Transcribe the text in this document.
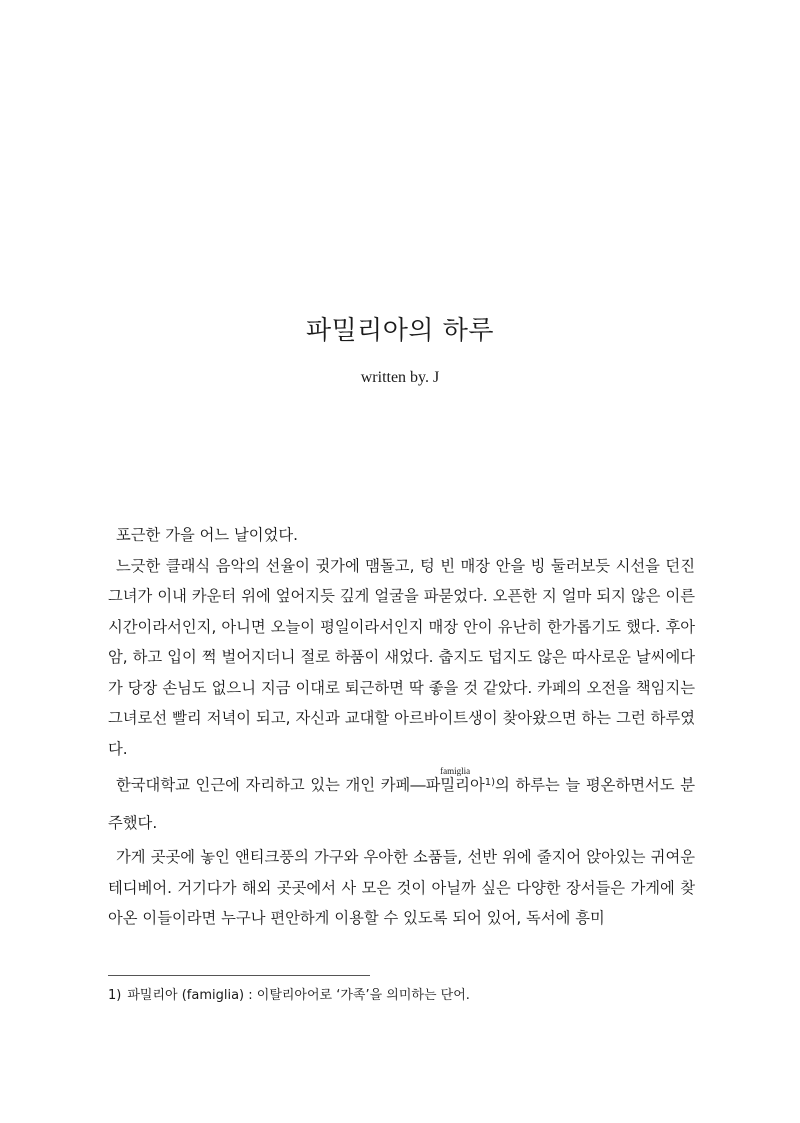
파밀리아의 하루
written by. J

포근한 가을 어느 날이었다.

느긋한 클래식 음악의 선율이 귓가에 맴돌고, 텅 빈 매장 안을 빙 둘러보듯 시선을 던진 그녀가 이내 카운터 위에 엎어지듯 깊게 얼굴을 파묻었다. 오픈한 지 얼마 되지 않은 이른 시간이라서인지, 아니면 오늘이 평일이라서인지 매장 안이 유난히 한가롭기도 했다. 후아암, 하고 입이 쩍 벌어지더니 절로 하품이 새었다. 춥지도 덥지도 않은 따사로운 날씨에다가 당장 손님도 없으니 지금 이대로 퇴근하면 딱 좋을 것 같았다. 카페의 오전을 책임지는 그녀로선 빨리 저녁이 되고, 자신과 교대할 아르바이트생이 찾아왔으면 하는 그런 하루였다.

한국대학교 인근에 자리하고 있는 개인 카페―파밀리아famiglia$^{1)}$의 하루는 늘 평온하면서도 분주했다.

가게 곳곳에 놓인 앤티크풍의 가구와 우아한 소품들, 선반 위에 줄지어 앉아있는 귀여운 테디베어. 거기다가 해외 곳곳에서 사 모은 것이 아닐까 싶은 다양한 장서들은 가게에 찾아온 이들이라면 누구나 편안하게 이용할 수 있도록 되어 있어, 독서에 흥미

1) 파밀리아 (famiglia) : 이탈리아어로 ‘가족’을 의미하는 단어.
